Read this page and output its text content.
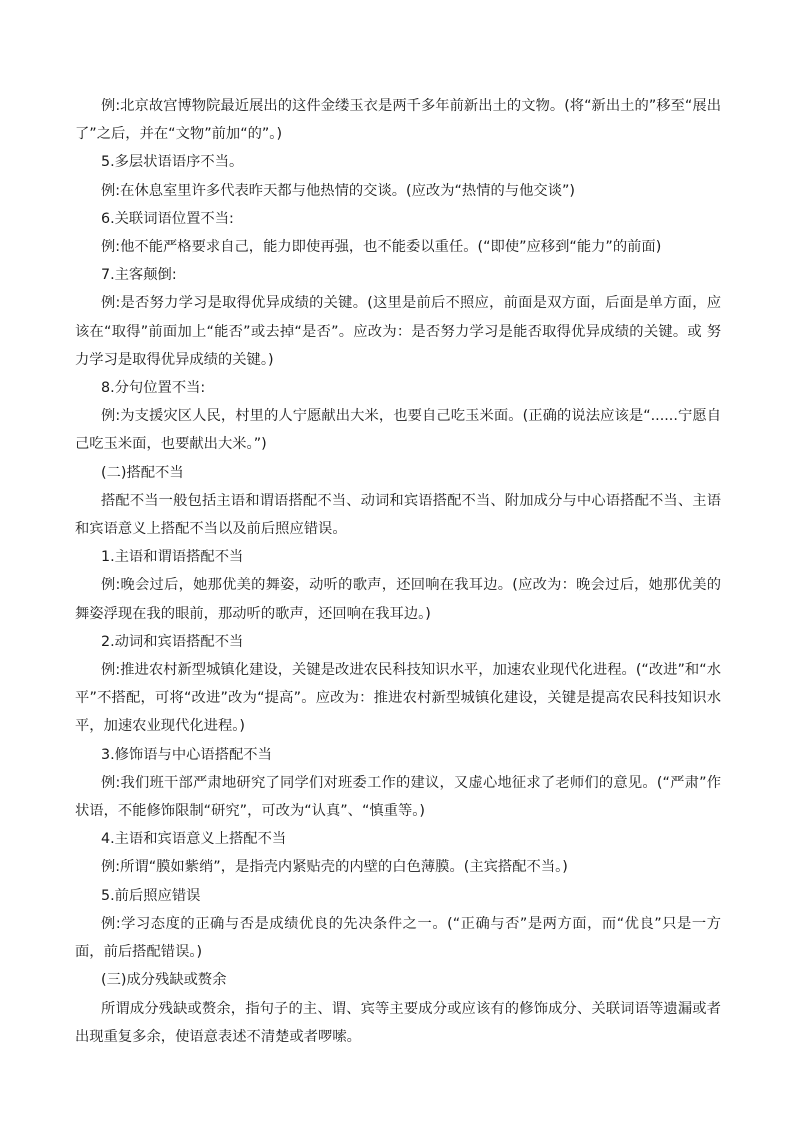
例:北京故宫博物院最近展出的这件金缕玉衣是两千多年前新出土的文物。(将“新出土的”移至“展出了”之后，并在“文物”前加“的”。)

5.多层状语语序不当。

例:在休息室里许多代表昨天都与他热情的交谈。(应改为“热情的与他交谈”)

6.关联词语位置不当:

例:他不能严格要求自己，能力即使再强，也不能委以重任。(“即使”应移到“能力”的前面)

7.主客颠倒:

例:是否努力学习是取得优异成绩的关键。(这里是前后不照应，前面是双方面，后面是单方面，应该在“取得”前面加上“能否”或去掉“是否”。应改为：是否努力学习是能否取得优异成绩的关键。或 努力学习是取得优异成绩的关键。)

8.分句位置不当:

例:为支援灾区人民，村里的人宁愿献出大米，也要自己吃玉米面。(正确的说法应该是“......宁愿自己吃玉米面，也要献出大米。”)

(二)搭配不当

搭配不当一般包括主语和谓语搭配不当、动词和宾语搭配不当、附加成分与中心语搭配不当、主语和宾语意义上搭配不当以及前后照应错误。

1.主语和谓语搭配不当

例:晚会过后，她那优美的舞姿，动听的歌声，还回响在我耳边。(应改为：晚会过后，她那优美的舞姿浮现在我的眼前，那动听的歌声，还回响在我耳边。)

2.动词和宾语搭配不当

例:推进农村新型城镇化建设，关键是改进农民科技知识水平，加速农业现代化进程。(“改进”和“水平”不搭配，可将“改进”改为“提高”。应改为：推进农村新型城镇化建设，关键是提高农民科技知识水平，加速农业现代化进程。)

3.修饰语与中心语搭配不当

例:我们班干部严肃地研究了同学们对班委工作的建议，又虚心地征求了老师们的意见。(“严肃”作状语，不能修饰限制“研究”，可改为“认真”、“慎重等。)

4.主语和宾语意义上搭配不当

例:所谓“膜如紫绡”，是指壳内紧贴壳的内壁的白色薄膜。(主宾搭配不当。)

5.前后照应错误

例:学习态度的正确与否是成绩优良的先决条件之一。(“正确与否”是两方面，而“优良”只是一方面，前后搭配错误。)

(三)成分残缺或赘余

所谓成分残缺或赘余，指句子的主、谓、宾等主要成分或应该有的修饰成分、关联词语等遗漏或者出现重复多余，使语意表述不清楚或者啰嗦。
